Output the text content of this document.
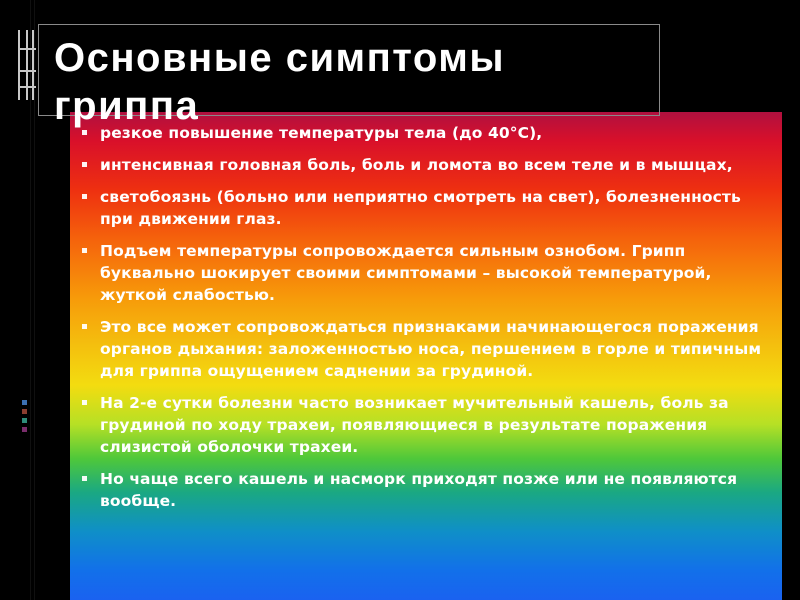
резкое повышение температуры тела (до 40°С),
интенсивная головная боль, боль и ломота во всем теле и в мышцах,
светобоязнь (больно или неприятно смотреть на свет), болезненность при движении глаз.
Подъем температуры сопровождается сильным ознобом. Грипп буквально шокирует своими симптомами – высокой температурой, жуткой слабостью.
Это все может сопровождаться признаками начинающегося поражения органов дыхания: заложенностью носа, першением в горле и типичным для гриппа ощущением саднении за грудиной.
На 2-е сутки болезни часто возникает мучительный кашель, боль за грудиной по ходу трахеи, появляющиеся в результате поражения слизистой оболочки трахеи.
Но чаще всего кашель и насморк приходят позже или не появляются вообще.
Основные симптомы гриппа
